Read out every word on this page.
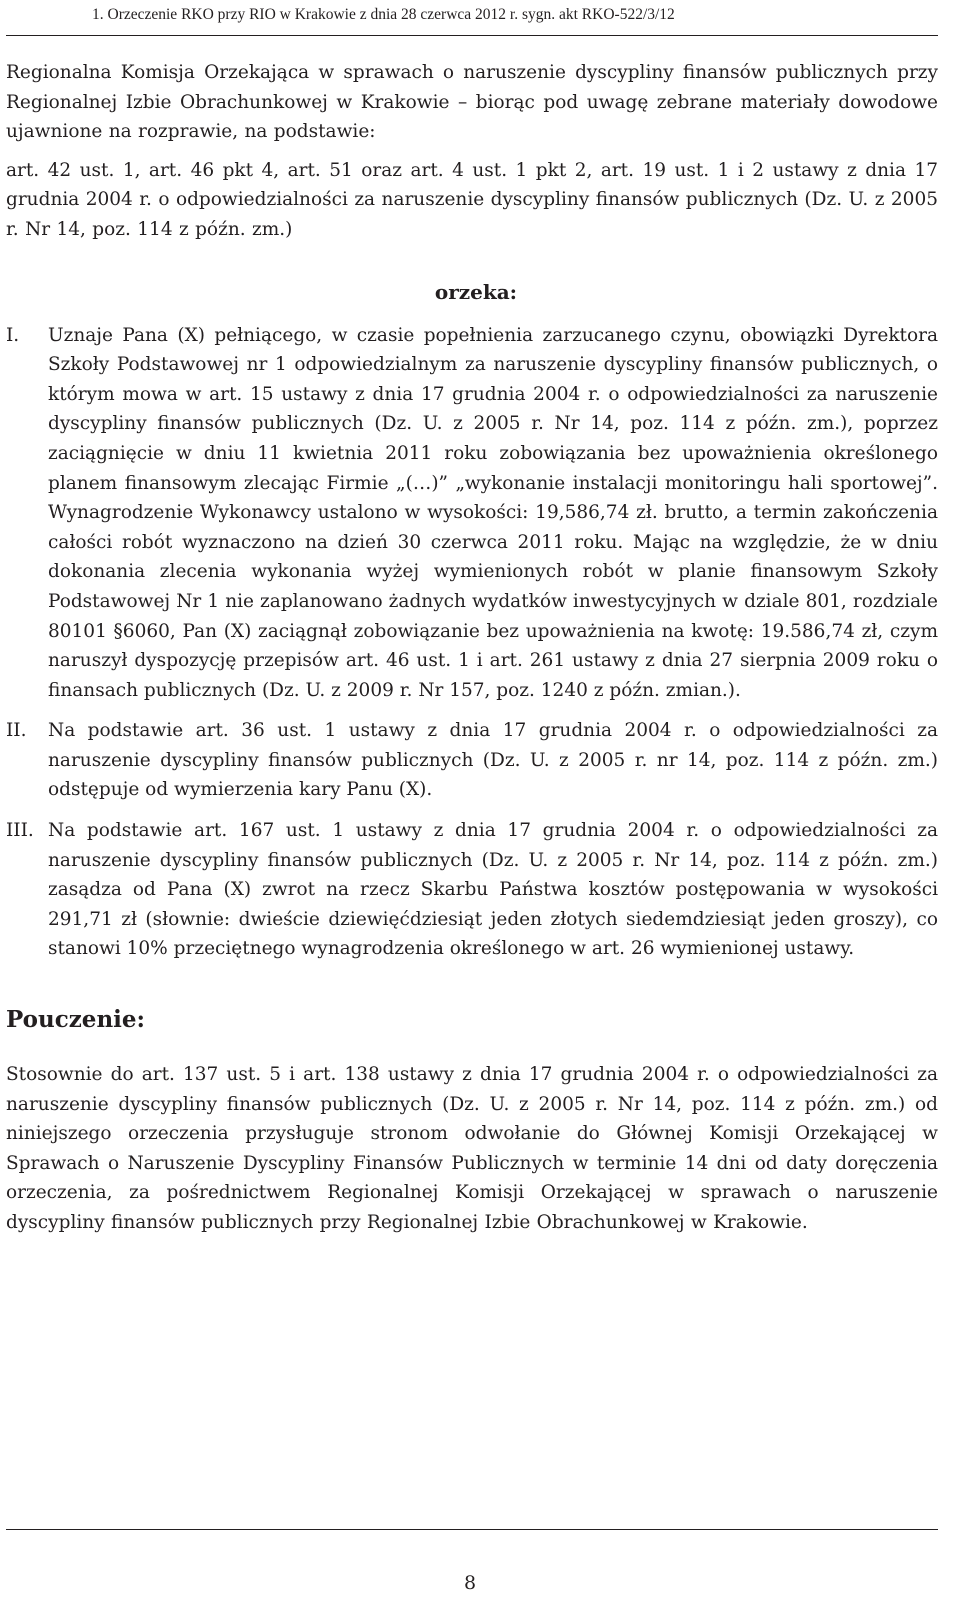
1. Orzeczenie RKO przy RIO w Krakowie z dnia 28 czerwca 2012 r. sygn. akt RKO-522/3/12

Regionalna Komisja Orzekająca w sprawach o naruszenie dyscypliny finansów publicznych przy Regionalnej Izbie Obrachunkowej w Krakowie – biorąc pod uwagę zebrane materiały dowodowe ujawnione na rozprawie, na podstawie:

art. 42 ust. 1, art. 46 pkt 4, art. 51 oraz art. 4 ust. 1 pkt 2, art. 19 ust. 1 i 2 ustawy z dnia 17 grudnia 2004 r. o odpowiedzialności za naruszenie dyscypliny finansów publicznych (Dz. U. z 2005 r. Nr 14, poz. 114 z późn. zm.)

orzeka:
I.	Uznaje Pana (X) pełniącego, w czasie popełnienia zarzucanego czynu, obowiązki Dyrektora Szkoły Podstawowej nr 1 odpowiedzialnym za naruszenie dyscypliny finansów publicznych, o którym mowa w art. 15 ustawy z dnia 17 grudnia 2004 r. o odpowiedzialności za naruszenie dyscypliny finansów publicznych (Dz. U. z 2005 r. Nr 14, poz. 114 z późn. zm.), poprzez zaciągnięcie w dniu 11 kwietnia 2011 roku zobowiązania bez upoważnienia określonego planem finansowym zlecając Firmie „(…)” „wykonanie instalacji monitoringu hali sportowej”. Wynagrodzenie Wykonawcy ustalono w wysokości: 19,586,74 zł. brutto, a termin zakończenia całości robót wyznaczono na dzień 30 czerwca 2011 roku. Mając na względzie, że w dniu dokonania zlecenia wykonania wyżej wymienionych robót w planie finansowym Szkoły Podstawowej Nr 1 nie zaplanowano żadnych wydatków inwestycyjnych w dziale 801, rozdziale 80101 §6060, Pan (X) zaciągnął zobowiązanie bez upoważnienia na kwotę: 19.586,74 zł, czym naruszył dyspozycję przepisów art. 46 ust. 1 i art. 261 ustawy z dnia 27 sierpnia 2009 roku o finansach publicznych (Dz. U. z 2009 r. Nr 157, poz. 1240 z późn. zmian.).

II.	Na podstawie art. 36 ust. 1 ustawy z dnia 17 grudnia 2004 r. o odpowiedzialności za naruszenie dyscypliny finansów publicznych (Dz. U. z 2005 r. nr 14, poz. 114 z późn. zm.) odstępuje od wymierzenia kary Panu (X).

III. Na podstawie art. 167 ust. 1 ustawy z dnia 17 grudnia 2004 r. o odpowiedzialności za naruszenie dyscypliny finansów publicznych (Dz. U. z 2005 r. Nr 14, poz. 114 z późn. zm.) zasądza od Pana (X) zwrot na rzecz Skarbu Państwa kosztów postępowania w wysokości 291,71 zł (słownie: dwieście dziewięćdziesiąt jeden złotych siedemdziesiąt jeden groszy), co stanowi 10% przeciętnego wynagrodzenia określonego w art. 26 wymienionej ustawy.

Pouczenie:

Stosownie do art. 137 ust. 5 i art. 138 ustawy z dnia 17 grudnia 2004 r. o odpowiedzialności za naruszenie dyscypliny finansów publicznych (Dz. U. z 2005 r. Nr 14, poz. 114 z późn. zm.) od niniejszego orzeczenia przysługuje stronom odwołanie do Głównej Komisji Orzekającej w Sprawach o Naruszenie Dyscypliny Finansów Publicznych w terminie 14 dni od daty doręczenia orzeczenia, za pośrednictwem Regionalnej Komisji Orzekającej w sprawach o naruszenie dyscypliny finansów publicznych przy Regionalnej Izbie Obrachunkowej w Krakowie.

8
